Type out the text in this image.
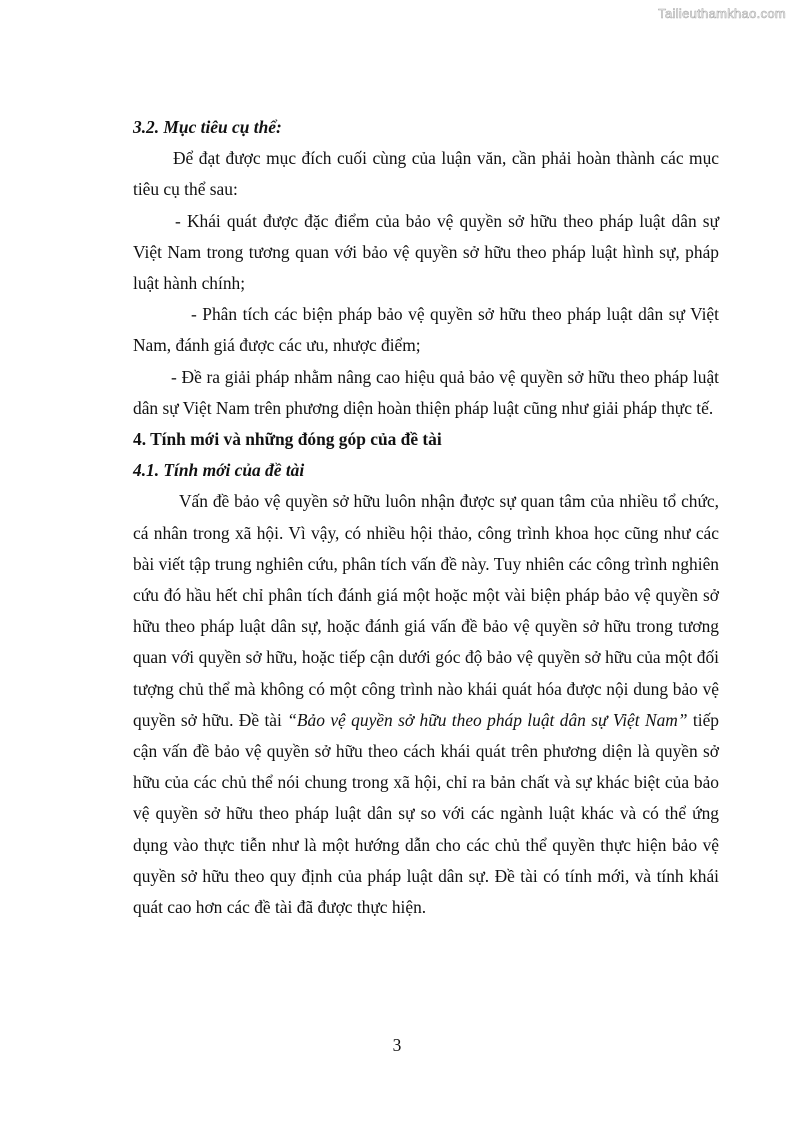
Tailieuthamkhao.com

3.2. Mục tiêu cụ thể:

Để đạt được mục đích cuối cùng của luận văn, cần phải hoàn thành các mục tiêu cụ thể sau:

- Khái quát được đặc điểm của bảo vệ quyền sở hữu theo pháp luật dân sự Việt Nam trong tương quan với bảo vệ quyền sở hữu theo pháp luật hình sự, pháp luật hành chính;

- Phân tích các biện pháp bảo vệ quyền sở hữu theo pháp luật dân sự Việt Nam, đánh giá được các ưu, nhược điểm;

- Đề ra giải pháp nhằm nâng cao hiệu quả bảo vệ quyền sở hữu theo pháp luật dân sự Việt Nam trên phương diện hoàn thiện pháp luật cũng như giải pháp thực tế.

4. Tính mới và những đóng góp của đề tài

4.1. Tính mới của đề tài

Vấn đề bảo vệ quyền sở hữu luôn nhận được sự quan tâm của nhiều tổ chức, cá nhân trong xã hội. Vì vậy, có nhiều hội thảo, công trình khoa học cũng như các bài viết tập trung nghiên cứu, phân tích vấn đề này. Tuy nhiên các công trình nghiên cứu đó hầu hết chỉ phân tích đánh giá một hoặc một vài biện pháp bảo vệ quyền sở hữu theo pháp luật dân sự, hoặc đánh giá vấn đề bảo vệ quyền sở hữu trong tương quan với quyền sở hữu, hoặc tiếp cận dưới góc độ bảo vệ quyền sở hữu của một đối tượng chủ thể mà không có một công trình nào khái quát hóa được nội dung bảo vệ quyền sở hữu. Đề tài “Bảo vệ quyền sở hữu theo pháp luật dân sự Việt Nam” tiếp cận vấn đề bảo vệ quyền sở hữu theo cách khái quát trên phương diện là quyền sở hữu của các chủ thể nói chung trong xã hội, chỉ ra bản chất và sự khác biệt của bảo vệ quyền sở hữu theo pháp luật dân sự so với các ngành luật khác và có thể ứng dụng vào thực tiễn như là một hướng dẫn cho các chủ thể quyền thực hiện bảo vệ quyền sở hữu theo quy định của pháp luật dân sự. Đề tài có tính mới, và tính khái quát cao hơn các đề tài đã được thực hiện.

3
